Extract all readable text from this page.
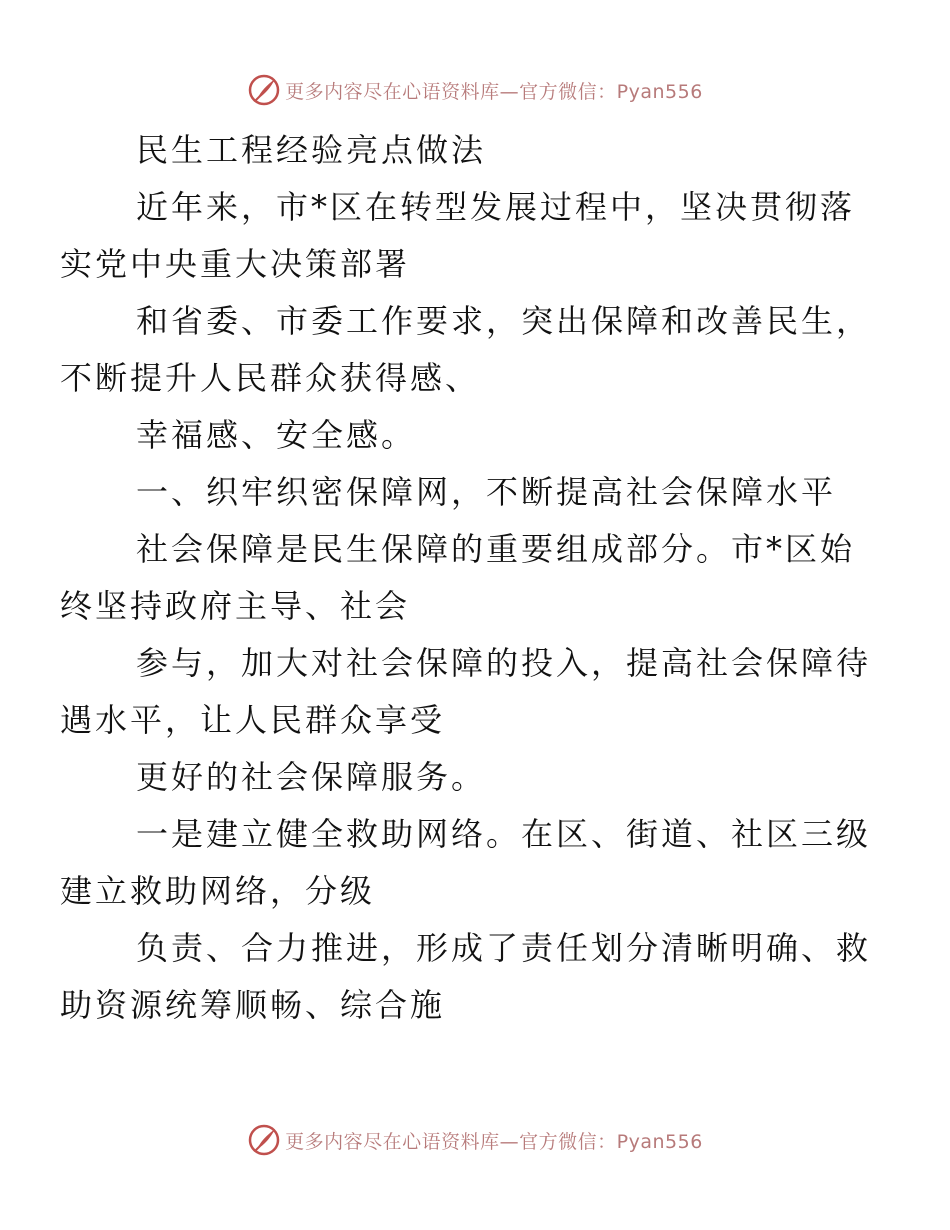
更多内容尽在心语资料库—官方微信：Pyan556

民生工程经验亮点做法

近年来，市*区在转型发展过程中，坚决贯彻落
实党中央重大决策部署

和省委、市委工作要求，突出保障和改善民生，
不断提升人民群众获得感、

幸福感、安全感。

一、织牢织密保障网，不断提高社会保障水平

社会保障是民生保障的重要组成部分。市*区始
终坚持政府主导、社会

参与，加大对社会保障的投入，提高社会保障待
遇水平，让人民群众享受

更好的社会保障服务。

一是建立健全救助网络。在区、街道、社区三级
建立救助网络，分级

负责、合力推进，形成了责任划分清晰明确、救
助资源统筹顺畅、综合施

更多内容尽在心语资料库—官方微信：Pyan556
